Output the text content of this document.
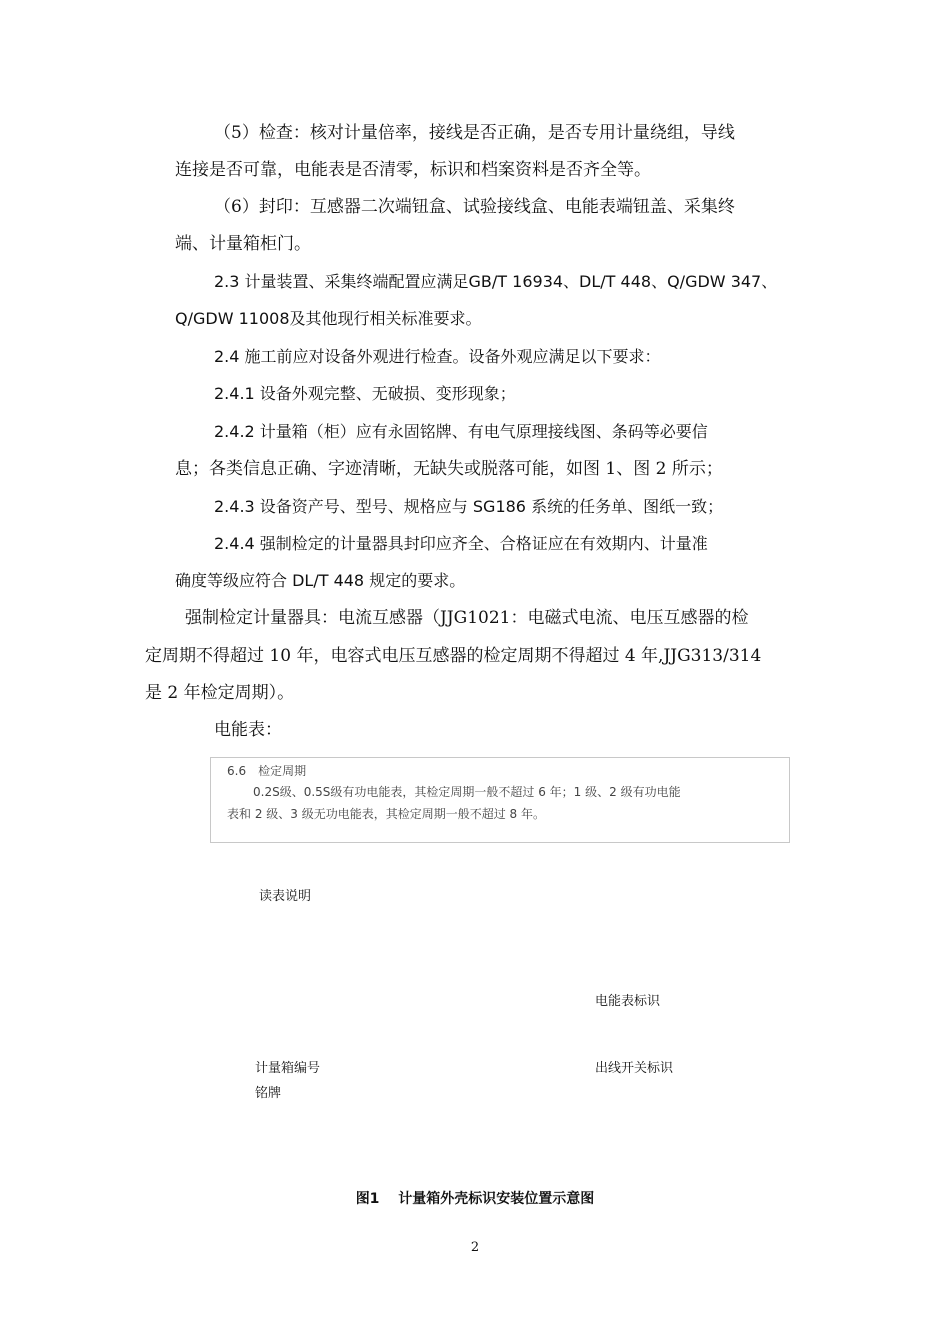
（5）检查：核对计量倍率，接线是否正确，是否专用计量绕组，导线
连接是否可靠，电能表是否清零，标识和档案资料是否齐全等。
（6）封印：互感器二次端钮盒、试验接线盒、电能表端钮盖、采集终
端、计量箱柜门。
2.3 计量装置、采集终端配置应满足GB/T 16934、DL/T 448、Q/GDW 347、
Q/GDW 11008及其他现行相关标准要求。
2.4 施工前应对设备外观进行检查。设备外观应满足以下要求：
2.4.1 设备外观完整、无破损、变形现象；
2.4.2 计量箱（柜）应有永固铭牌、有电气原理接线图、条码等必要信
息；各类信息正确、字迹清晰，无缺失或脱落可能，如图 1、图 2 所示；
2.4.3 设备资产号、型号、规格应与 SG186 系统的任务单、图纸一致；
2.4.4 强制检定的计量器具封印应齐全、合格证应在有效期内、计量准
确度等级应符合 DL/T 448 规定的要求。
强制检定计量器具：电流互感器（JJG1021：电磁式电流、电压互感器的检
定周期不得超过 10 年，电容式电压互感器的检定周期不得超过 4 年,JJG313/314
是 2 年检定周期）。
电能表：
6.6　检定周期
0.2S级、0.5S级有功电能表，其检定周期一般不超过 6 年；1 级、2 级有功电能
表和 2 级、3 级无功电能表，其检定周期一般不超过 8 年。
读表说明
电能表标识
计量箱编号	出线开关标识
铭牌
图1　 计量箱外壳标识安装位置示意图
2
